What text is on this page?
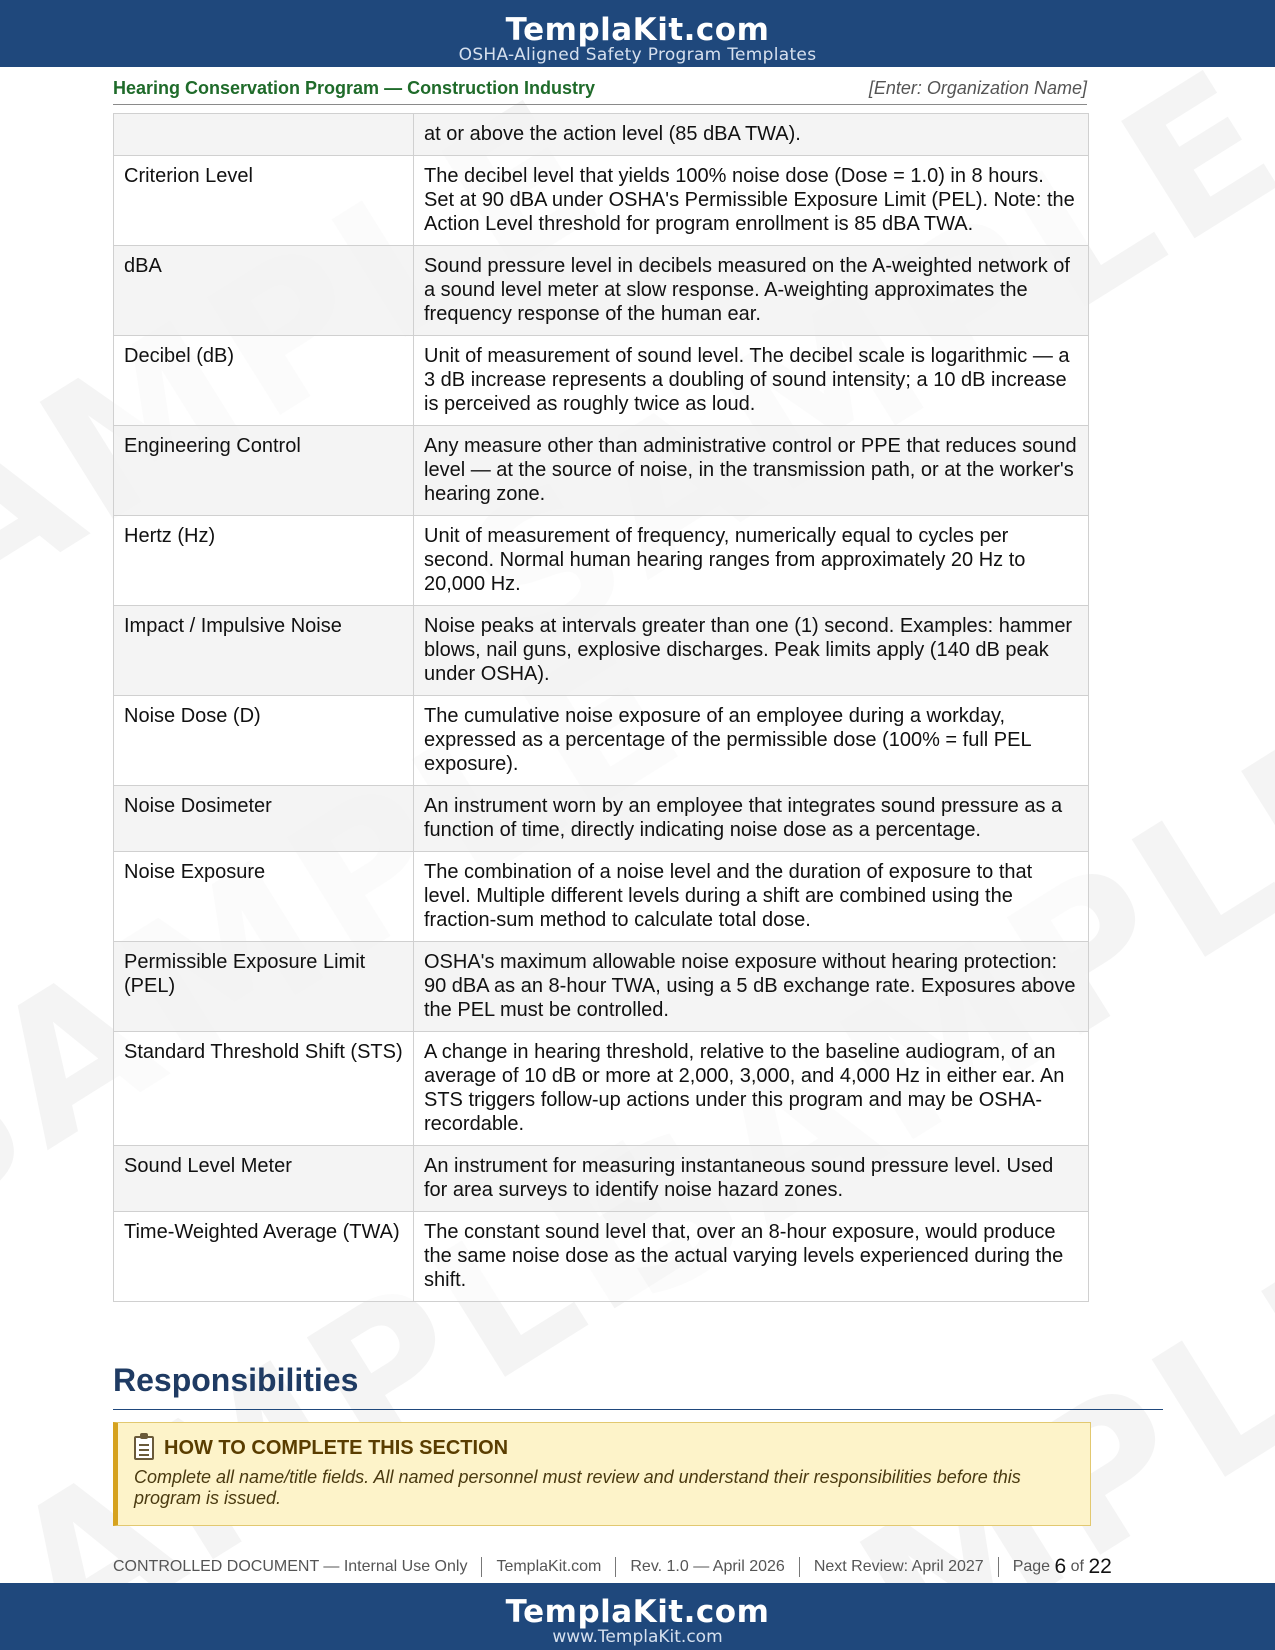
TemplaKit.com
OSHA-Aligned Safety Program Templates
Hearing Conservation Program — Construction Industry	[Enter: Organization Name]
	at or above the action level (85 dBA TWA).
Criterion Level	The decibel level that yields 100% noise dose (Dose = 1.0) in 8 hours. Set at 90 dBA under OSHA's Permissible Exposure Limit (PEL). Note: the Action Level threshold for program enrollment is 85 dBA TWA.
dBA	Sound pressure level in decibels measured on the A-weighted network of a sound level meter at slow response. A-weighting approximates the frequency response of the human ear.
Decibel (dB)	Unit of measurement of sound level. The decibel scale is logarithmic — a 3 dB increase represents a doubling of sound intensity; a 10 dB increase is perceived as roughly twice as loud.
Engineering Control	Any measure other than administrative control or PPE that reduces sound level — at the source of noise, in the transmission path, or at the worker's hearing zone.
Hertz (Hz)	Unit of measurement of frequency, numerically equal to cycles per second. Normal human hearing ranges from approximately 20 Hz to 20,000 Hz.
Impact / Impulsive Noise	Noise peaks at intervals greater than one (1) second. Examples: hammer blows, nail guns, explosive discharges. Peak limits apply (140 dB peak under OSHA).
Noise Dose (D)	The cumulative noise exposure of an employee during a workday, expressed as a percentage of the permissible dose (100% = full PEL exposure).
Noise Dosimeter	An instrument worn by an employee that integrates sound pressure as a function of time, directly indicating noise dose as a percentage.
Noise Exposure	The combination of a noise level and the duration of exposure to that level. Multiple different levels during a shift are combined using the fraction-sum method to calculate total dose.
Permissible Exposure Limit (PEL)	OSHA's maximum allowable noise exposure without hearing protection: 90 dBA as an 8-hour TWA, using a 5 dB exchange rate. Exposures above the PEL must be controlled.
Standard Threshold Shift (STS)	A change in hearing threshold, relative to the baseline audiogram, of an average of 10 dB or more at 2,000, 3,000, and 4,000 Hz in either ear. An STS triggers follow-up actions under this program and may be OSHA-recordable.
Sound Level Meter	An instrument for measuring instantaneous sound pressure level. Used for area surveys to identify noise hazard zones.
Time-Weighted Average (TWA)	The constant sound level that, over an 8-hour exposure, would produce the same noise dose as the actual varying levels experienced during the shift.
Responsibilities
HOW TO COMPLETE THIS SECTION
Complete all name/title fields. All named personnel must review and understand their responsibilities before this program is issued.
CONTROLLED DOCUMENT — Internal Use Only TemplaKit.com Rev. 1.0 — April 2026 Next Review: April 2027 Page
6
of
22
TemplaKit.com
www.TemplaKit.com
